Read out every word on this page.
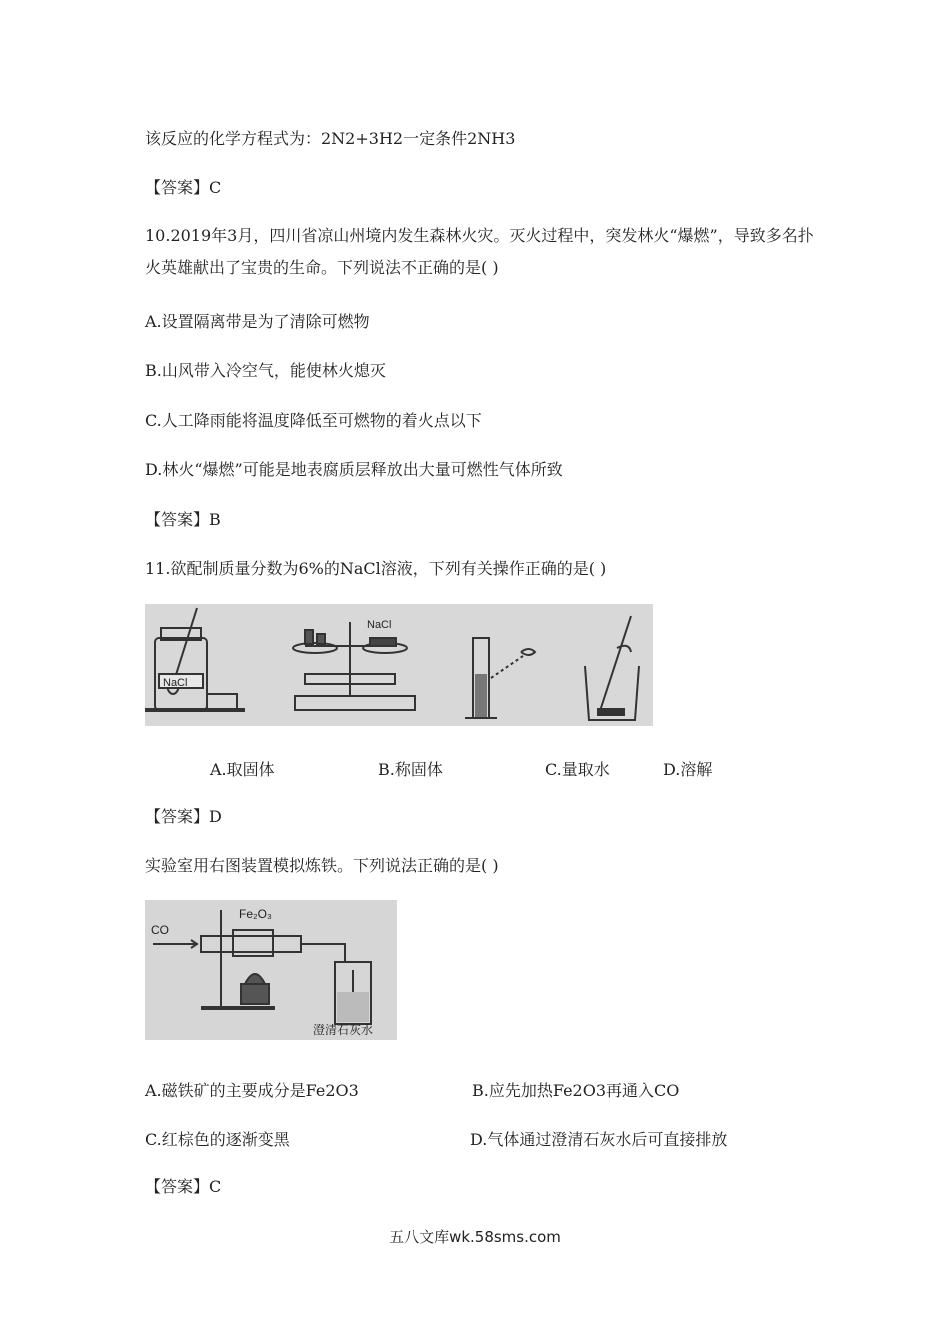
该反应的化学方程式为：2N2+3H2一定条件2NH3
【答案】C
10.2019年3月，四川省凉山州境内发生森林火灾。灭火过程中，突发林火“爆燃”，导致多名扑火英雄献出了宝贵的生命。下列说法不正确的是( )
A.设置隔离带是为了清除可燃物
B.山风带入冷空气，能使林火熄灭
C.人工降雨能将温度降低至可燃物的着火点以下
D.林火“爆燃”可能是地表腐质层释放出大量可燃性气体所致
【答案】B
11.欲配制质量分数为6%的NaCl溶液，下列有关操作正确的是( )
NaCl
NaCl
A.取固体	B.称固体	C.量取水	D.溶解
【答案】D
实验室用右图装置模拟炼铁。下列说法正确的是( )
CO
Fe₂O₃
澄清石灰水
A.磁铁矿的主要成分是Fe2O3	B.应先加热Fe2O3再通入CO
C.红棕色的逐渐变黑	D.气体通过澄清石灰水后可直接排放
【答案】C
五八文库wk.58sms.com
